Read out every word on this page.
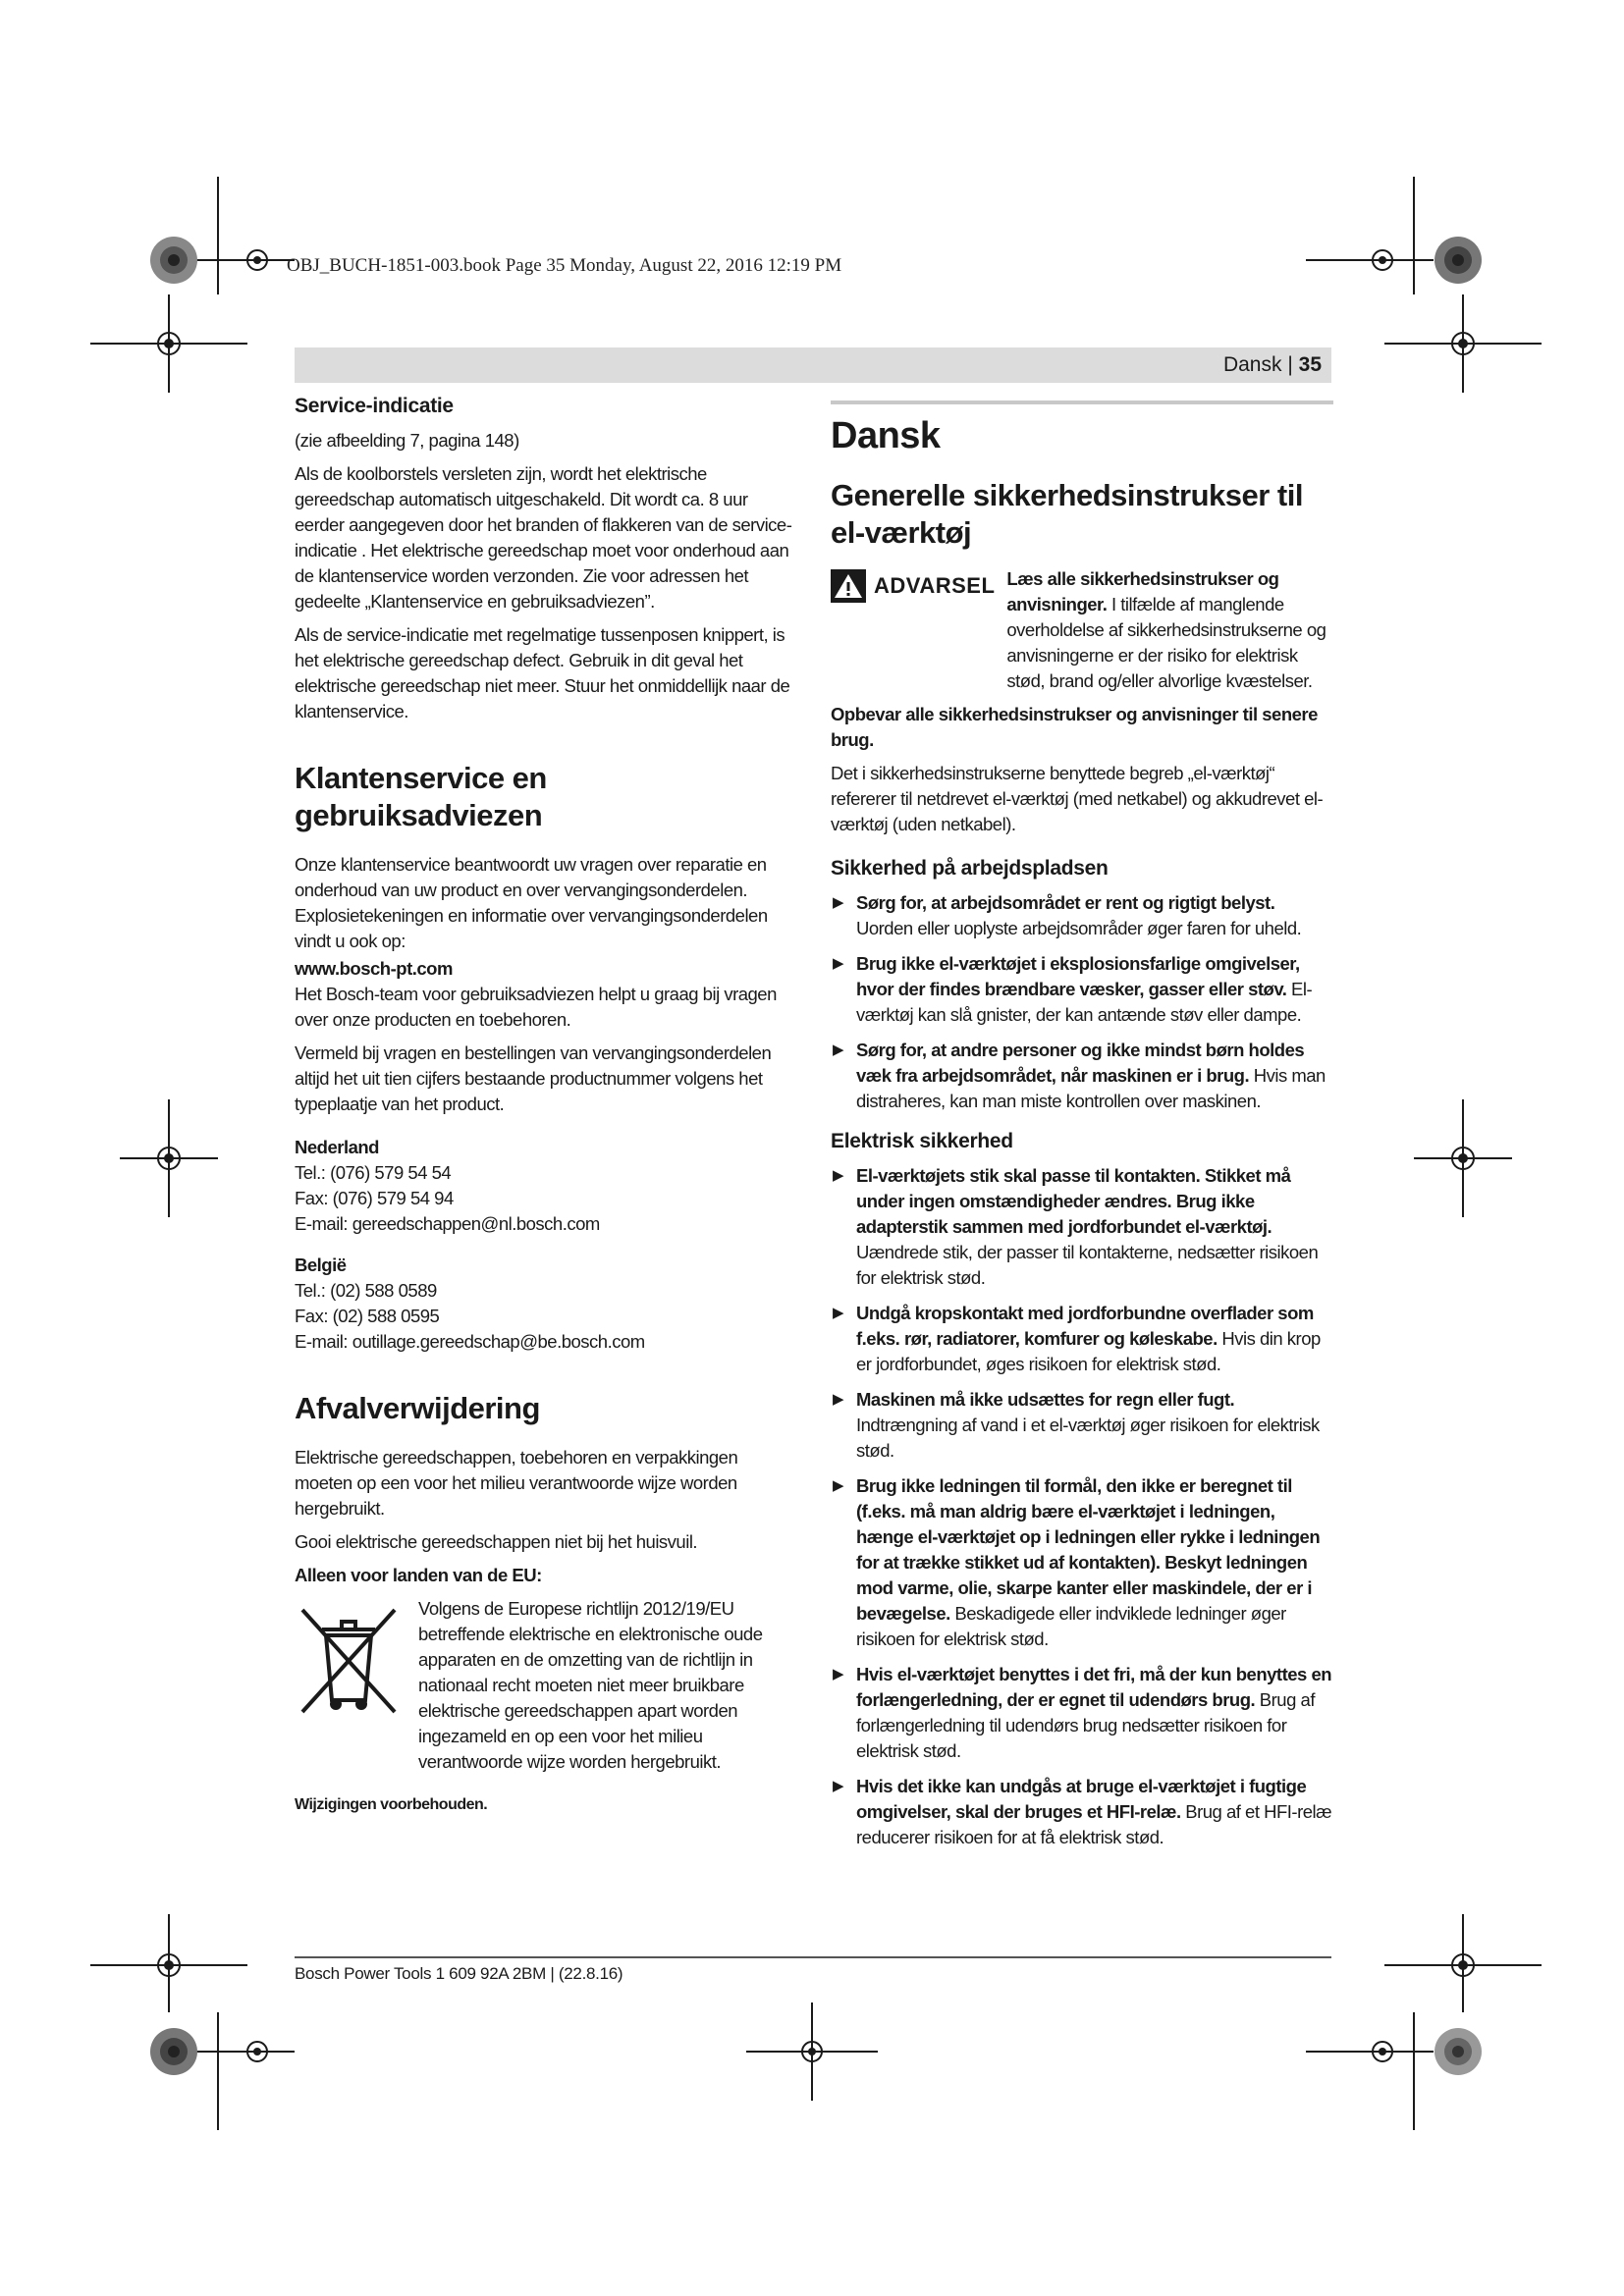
OBJ_BUCH-1851-003.book Page 35 Monday, August 22, 2016 12:19 PM
Dansk | 35
Service-indicatie

(zie afbeelding 7, pagina 148)

Als de koolborstels versleten zijn, wordt het elektrische gereedschap automatisch uitgeschakeld. Dit wordt ca. 8 uur eerder aangegeven door het branden of flakkeren van de service-indicatie . Het elektrische gereedschap moet voor onderhoud aan de klantenservice worden verzonden. Zie voor adressen het gedeelte „Klantenservice en gebruiksadviezen”.

Als de service-indicatie met regelmatige tussenposen knippert, is het elektrische gereedschap defect. Gebruik in dit geval het elektrische gereedschap niet meer. Stuur het onmiddellijk naar de klantenservice.

Klantenservice en gebruiksadviezen

Onze klantenservice beantwoordt uw vragen over reparatie en onderhoud van uw product en over vervangingsonderdelen. Explosietekeningen en informatie over vervangingsonderdelen vindt u ook op:

www.bosch-pt.com

Het Bosch-team voor gebruiksadviezen helpt u graag bij vragen over onze producten en toebehoren.

Vermeld bij vragen en bestellingen van vervangingsonderdelen altijd het uit tien cijfers bestaande productnummer volgens het typeplaatje van het product.

Nederland

Tel.: (076) 579 54 54

Fax: (076) 579 54 94

E-mail: gereedschappen@nl.bosch.com

België

Tel.: (02) 588 0589

Fax: (02) 588 0595

E-mail: outillage.gereedschap@be.bosch.com

Afvalverwijdering

Elektrische gereedschappen, toebehoren en verpakkingen moeten op een voor het milieu verantwoorde wijze worden hergebruikt.

Gooi elektrische gereedschappen niet bij het huisvuil.

Alleen voor landen van de EU:

Volgens de Europese richtlijn 2012/19/EU betreffende elektrische en elektronische oude apparaten en de omzetting van de richtlijn in nationaal recht moeten niet meer bruikbare elektrische gereedschappen apart worden ingezameld en op een voor het milieu verantwoorde wijze worden hergebruikt.

Wijzigingen voorbehouden.

Dansk
Generelle sikkerhedsinstrukser til el-værktøj
ADVARSEL Læs alle sikkerhedsinstrukser og anvisninger. I tilfælde af manglende overholdelse af sikkerhedsinstrukserne og anvisningerne er der risiko for elektrisk stød, brand og/eller alvorlige kvæstelser.

Opbevar alle sikkerhedsinstrukser og anvisninger til senere brug.

Det i sikkerhedsinstrukserne benyttede begreb „el-værktøj“ refererer til netdrevet el-værktøj (med netkabel) og akkudrevet el-værktøj (uden netkabel).

Sikkerhed på arbejdspladsen
▶ Sørg for, at arbejdsområdet er rent og rigtigt belyst. Uorden eller uoplyste arbejdsområder øger faren for uheld.
▶ Brug ikke el-værktøjet i eksplosionsfarlige omgivelser, hvor der findes brændbare væsker, gasser eller støv. El-værktøj kan slå gnister, der kan antænde støv eller dampe.
▶ Sørg for, at andre personer og ikke mindst børn holdes væk fra arbejdsområdet, når maskinen er i brug. Hvis man distraheres, kan man miste kontrollen over maskinen.
Elektrisk sikkerhed
▶ El-værktøjets stik skal passe til kontakten. Stikket må under ingen omstændigheder ændres. Brug ikke adapterstik sammen med jordforbundet el-værktøj. Uændrede stik, der passer til kontakterne, nedsætter risikoen for elektrisk stød.
▶ Undgå kropskontakt med jordforbundne overflader som f.eks. rør, radiatorer, komfurer og køleskabe. Hvis din krop er jordforbundet, øges risikoen for elektrisk stød.
▶ Maskinen må ikke udsættes for regn eller fugt. Indtrængning af vand i et el-værktøj øger risikoen for elektrisk stød.
▶ Brug ikke ledningen til formål, den ikke er beregnet til (f.eks. må man aldrig bære el-værktøjet i ledningen, hænge el-værktøjet op i ledningen eller rykke i ledningen for at trække stikket ud af kontakten). Beskyt ledningen mod varme, olie, skarpe kanter eller maskindele, der er i bevægelse. Beskadigede eller indviklede ledninger øger risikoen for elektrisk stød.
▶ Hvis el-værktøjet benyttes i det fri, må der kun benyttes en forlængerledning, der er egnet til udendørs brug. Brug af forlængerledning til udendørs brug nedsætter risikoen for elektrisk stød.
▶ Hvis det ikke kan undgås at bruge el-værktøjet i fugtige omgivelser, skal der bruges et HFI-relæ. Brug af et HFI-relæ reducerer risikoen for at få elektrisk stød.
Bosch Power Tools 1 609 92A 2BM | (22.8.16)
